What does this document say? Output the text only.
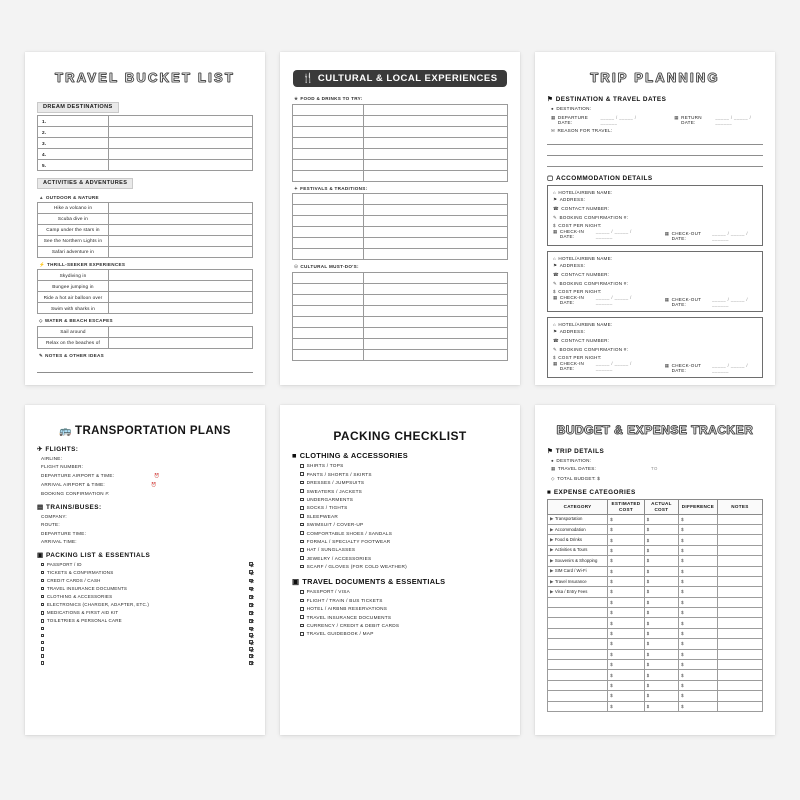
TRAVEL BUCKET LIST
DREAM DESTINATIONS
1.	
2.	
3.	
4.	
5.	
ACTIVITIES & ADVENTURES
▲ OUTDOOR & NATURE
Hike a volcano in	
Scuba dive in	
Camp under the stars in	
See the Northern Lights in	
Safari adventure in	
⚡ THRILL-SEEKER EXPERIENCES
Skydiving in	
Bungee jumping in	
Ride a hot air balloon over	
Swim with sharks in	
◇ WATER & BEACH ESCAPES
Sail around	
Relax on the beaches of	
✎ NOTES & OTHER IDEAS
🍴 CULTURAL & LOCAL EXPERIENCES
★ FOOD & DRINKS TO TRY:

✦ FESTIVALS & TRADITIONS:

☉ CULTURAL MUST-DO'S:

TRIP PLANNING
⚑ DESTINATION & TRAVEL DATES
● DESTINATION:
▦ DEPARTURE DATE:
_____ / _____ / ______
▦ RETURN DATE:
_____ / _____ / ______
✉ REASON FOR TRAVEL:
▢ ACCOMMODATION DETAILS
⌂ HOTEL/AIRBNB NAME:
⚑ ADDRESS:
☎ CONTACT NUMBER:
✎ BOOKING CONFIRMATION #:
$ COST PER NIGHT:
▦ CHECK-IN DATE:
_____ / _____ / ______
▦ CHECK-OUT DATE:
_____ / _____ / ______
⌂ HOTEL/AIRBNB NAME:
⚑ ADDRESS:
☎ CONTACT NUMBER:
✎ BOOKING CONFIRMATION #:
$ COST PER NIGHT:
▦ CHECK-IN DATE:
_____ / _____ / ______
▦ CHECK-OUT DATE:
_____ / _____ / ______
⌂ HOTEL/AIRBNB NAME:
⚑ ADDRESS:
☎ CONTACT NUMBER:
✎ BOOKING CONFIRMATION #:
$ COST PER NIGHT:
▦ CHECK-IN DATE:
_____ / _____ / ______
▦ CHECK-OUT DATE:
_____ / _____ / ______
🚌 TRANSPORTATION PLANS
✈ FLIGHTS:
AIRLINE:
FLIGHT NUMBER:
DEPARTURE AIRPORT & TIME:	⏰
ARRIVAL AIRPORT & TIME:	⏰
BOOKING CONFIRMATION #:
▤ TRAINS/BUSES:
COMPANY:
ROUTE:
DEPARTURE TIME:
ARRIVAL TIME:
▣ PACKING LIST & ESSENTIALS
PASSPORT / ID
TICKETS & CONFIRMATIONS
CREDIT CARDS / CASH
TRAVEL INSURANCE DOCUMENTS
CLOTHING & ACCESSORIES
ELECTRONICS (CHARGER, ADAPTER, ETC.)
MEDICATIONS & FIRST AID KIT
TOILETRIES & PERSONAL CARE
PACKING CHECKLIST
■ CLOTHING & ACCESSORIES
SHIRTS / TOPS
PANTS / SHORTS / SKIRTS
DRESSES / JUMPSUITS
SWEATERS / JACKETS
UNDERGARMENTS
SOCKS / TIGHTS
SLEEPWEAR
SWIMSUIT / COVER-UP
COMFORTABLE SHOES / SANDALS
FORMAL / SPECIALTY FOOTWEAR
HAT / SUNGLASSES
JEWELRY / ACCESSORIES
SCARF / GLOVES (FOR COLD WEATHER)
▣ TRAVEL DOCUMENTS & ESSENTIALS
PASSPORT / VISA
FLIGHT / TRAIN / BUS TICKETS
HOTEL / AIRBNB RESERVATIONS
TRAVEL INSURANCE DOCUMENTS
CURRENCY / CREDIT & DEBIT CARDS
TRAVEL GUIDEBOOK / MAP
BUDGET & EXPENSE TRACKER
⚑ TRIP DETAILS
● DESTINATION:
▦ TRAVEL DATES:	TO
◇ TOTAL BUDGET: $
■ EXPENSE CATEGORIES
CATEGORY	ESTIMATED COST	ACTUAL COST	DIFFERENCE	NOTES
▶ Transportation	$	$	$	
▶ Accommodation	$	$	$	
▶ Food & Drinks	$	$	$	
▶ Activities & Tours	$	$	$	
▶ Souvenirs & Shopping	$	$	$	
▶ SIM Card / Wi-Fi	$	$	$	
▶ Travel Insurance	$	$	$	
▶ Visa / Entry Fees	$	$	$	
	$	$	$	
	$	$	$	
	$	$	$	
	$	$	$	
	$	$	$	
	$	$	$	
	$	$	$	
	$	$	$	
	$	$	$	
	$	$	$	
	$	$	$	
